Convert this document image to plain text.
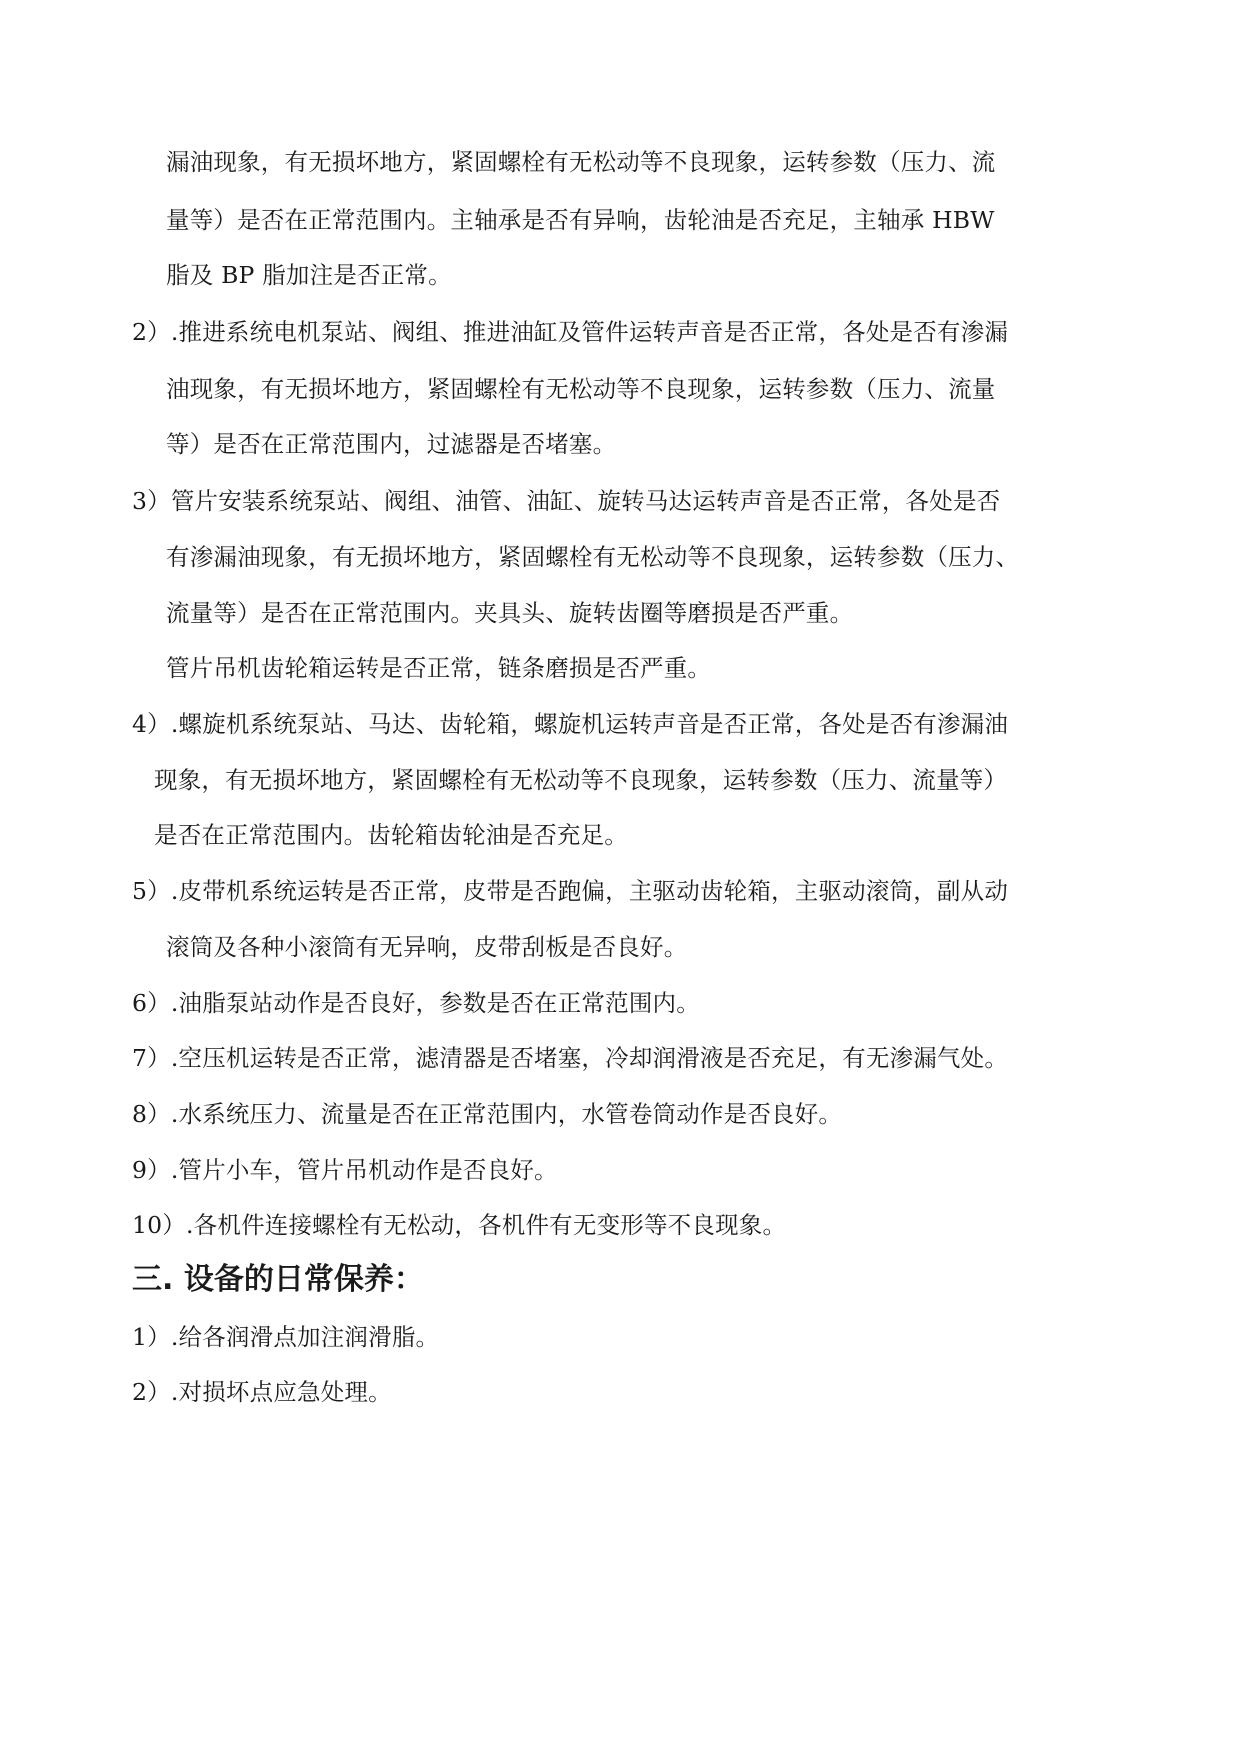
漏油现象，有无损坏地方，紧固螺栓有无松动等不良现象，运转参数（压力、流
量等）是否在正常范围内。主轴承是否有异响，齿轮油是否充足，主轴承 HBW
脂及 BP 脂加注是否正常。
2）.推进系统电机泵站、阀组、推进油缸及管件运转声音是否正常，各处是否有渗漏
油现象，有无损坏地方，紧固螺栓有无松动等不良现象，运转参数（压力、流量
等）是否在正常范围内，过滤器是否堵塞。
3）管片安装系统泵站、阀组、油管、油缸、旋转马达运转声音是否正常，各处是否
有渗漏油现象，有无损坏地方，紧固螺栓有无松动等不良现象，运转参数（压力、
流量等）是否在正常范围内。夹具头、旋转齿圈等磨损是否严重。
管片吊机齿轮箱运转是否正常，链条磨损是否严重。
4）.螺旋机系统泵站、马达、齿轮箱，螺旋机运转声音是否正常，各处是否有渗漏油
现象，有无损坏地方，紧固螺栓有无松动等不良现象，运转参数（压力、流量等）
是否在正常范围内。齿轮箱齿轮油是否充足。
5）.皮带机系统运转是否正常，皮带是否跑偏，主驱动齿轮箱，主驱动滚筒，副从动
滚筒及各种小滚筒有无异响，皮带刮板是否良好。
6）.油脂泵站动作是否良好，参数是否在正常范围内。
7）.空压机运转是否正常，滤清器是否堵塞，冷却润滑液是否充足，有无渗漏气处。
8）.水系统压力、流量是否在正常范围内，水管卷筒动作是否良好。
9）.管片小车，管片吊机动作是否良好。
10）.各机件连接螺栓有无松动，各机件有无变形等不良现象。
三. 设备的日常保养：
1）.给各润滑点加注润滑脂。
2）.对损坏点应急处理。
